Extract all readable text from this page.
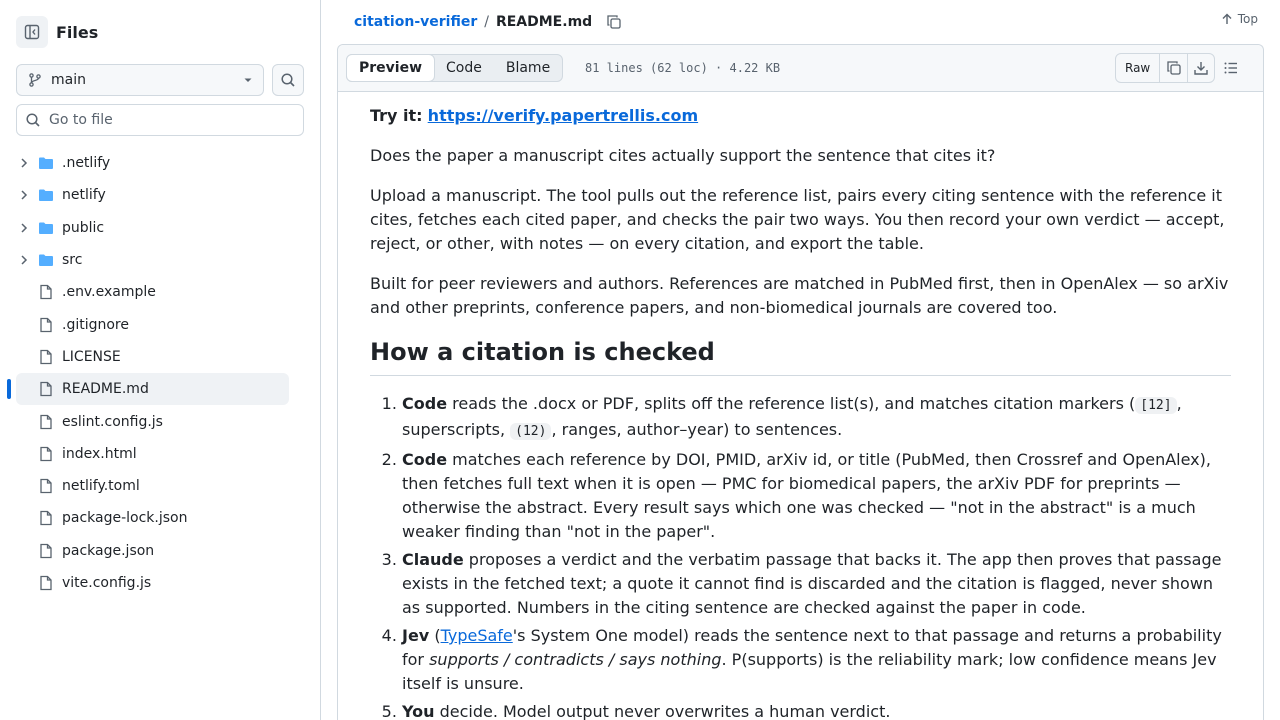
Files
main
Go to file
.netlify
netlify
public
src
.env.example
.gitignore
LICENSE
README.md
eslint.config.js
index.html
netlify.toml
package-lock.json
package.json
vite.config.js
citation-verifier / README.md	Top
Preview	Code	Blame	81 lines (62 loc) · 4.22 KB	Raw

Try it: https://verify.papertrellis.com

Does the paper a manuscript cites actually support the sentence that cites it?

Upload a manuscript. The tool pulls out the reference list, pairs every citing sentence with the reference it cites, fetches each cited paper, and checks the pair two ways. You then record your own verdict — accept, reject, or other, with notes — on every citation, and export the table.

Built for peer reviewers and authors. References are matched in PubMed first, then in OpenAlex — so arXiv and other preprints, conference papers, and non-biomedical journals are covered too.

How a citation is checked
1. Code reads the .docx or PDF, splits off the reference list(s), and matches citation markers ( [12] , superscripts, (12) , ranges, author–year) to sentences.
2. Code matches each reference by DOI, PMID, arXiv id, or title (PubMed, then Crossref and OpenAlex), then fetches full text when it is open — PMC for biomedical papers, the arXiv PDF for preprints — otherwise the abstract. Every result says which one was checked — "not in the abstract" is a much weaker finding than "not in the paper".
3. Claude proposes a verdict and the verbatim passage that backs it. The app then proves that passage exists in the fetched text; a quote it cannot find is discarded and the citation is flagged, never shown as supported. Numbers in the citing sentence are checked against the paper in code.
4. Jev (TypeSafe's System One model) reads the sentence next to that passage and returns a probability for supports / contradicts / says nothing. P(supports) is the reliability mark; low confidence means Jev itself is unsure.
5. You decide. Model output never overwrites a human verdict.
